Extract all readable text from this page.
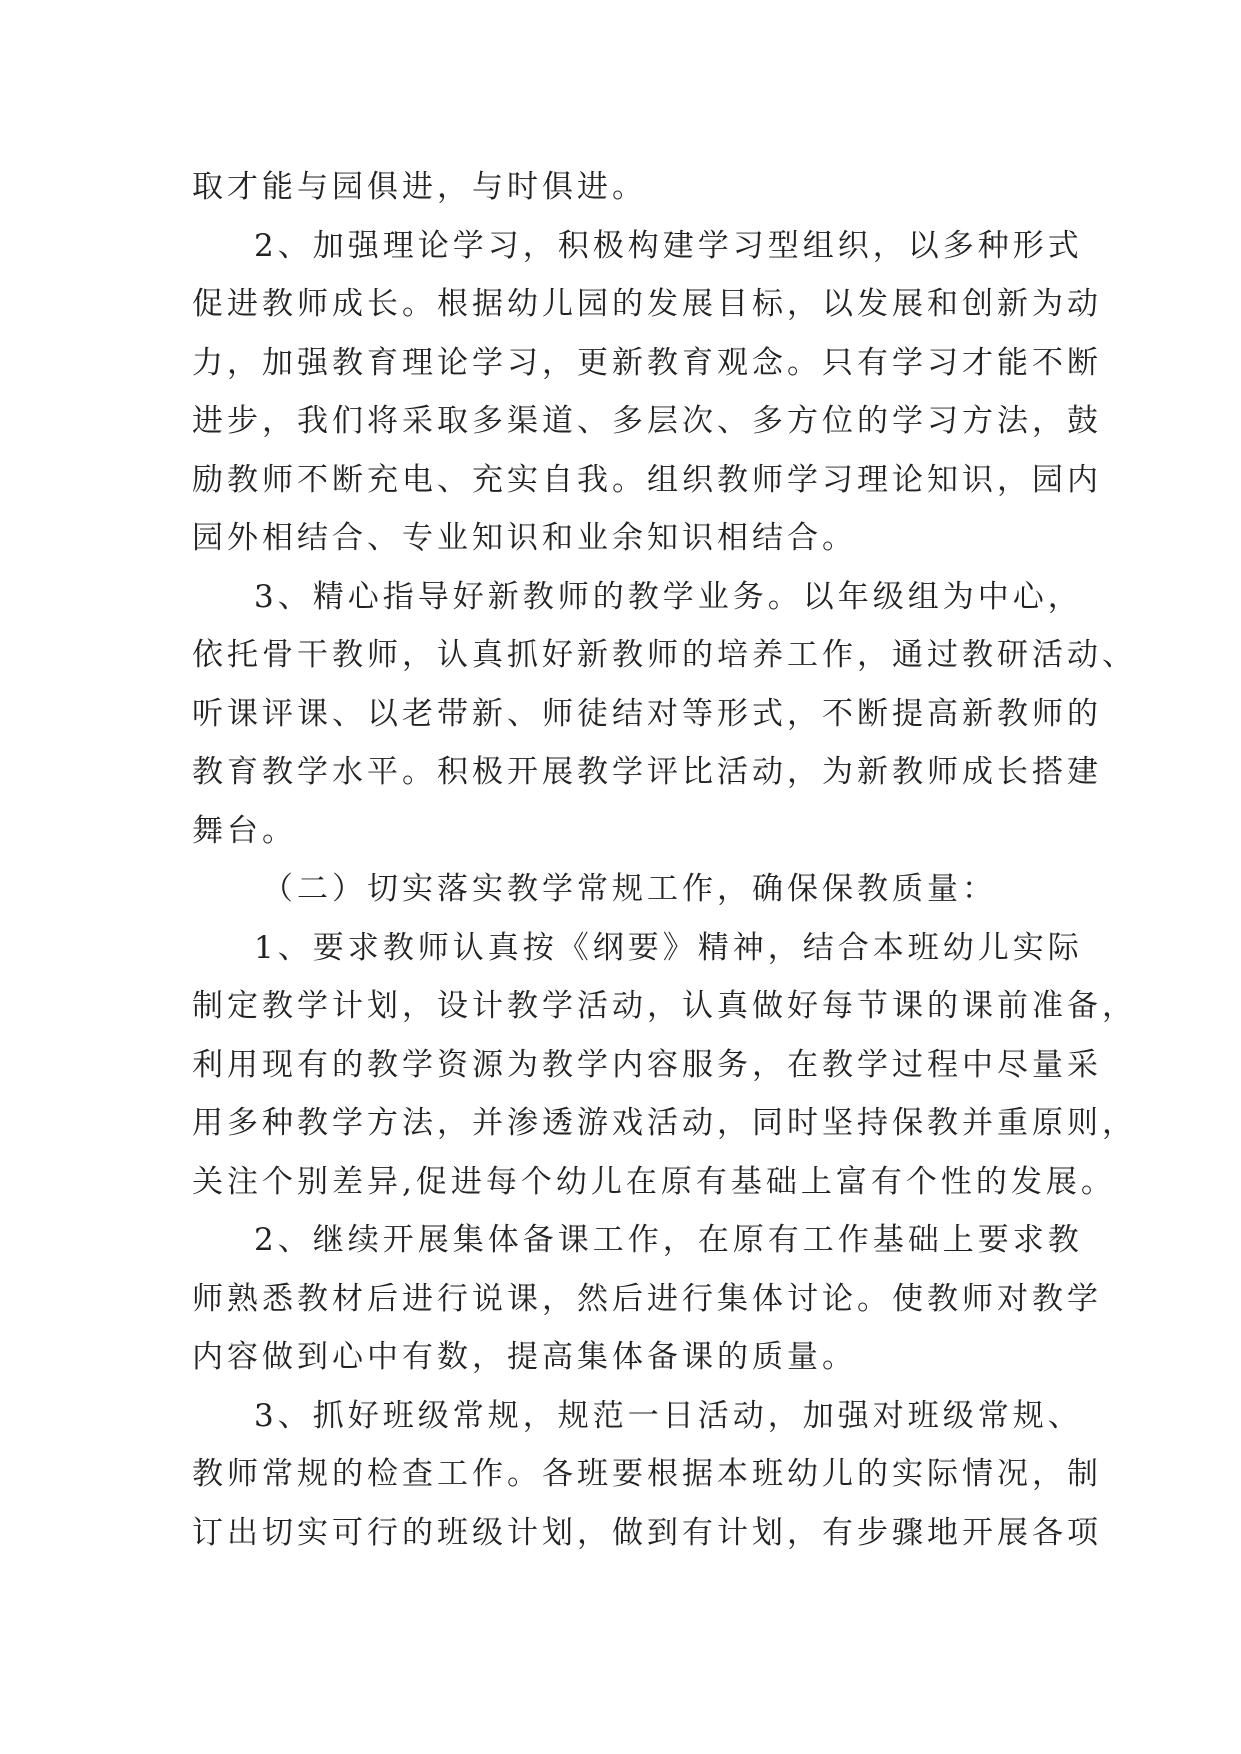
取才能与园俱进，与时俱进。
2、加强理论学习，积极构建学习型组织，以多种形式
促进教师成长。根据幼儿园的发展目标，以发展和创新为动
力，加强教育理论学习，更新教育观念。只有学习才能不断
进步，我们将采取多渠道、多层次、多方位的学习方法，鼓
励教师不断充电、充实自我。组织教师学习理论知识，园内
园外相结合、专业知识和业余知识相结合。
3、精心指导好新教师的教学业务。以年级组为中心，
依托骨干教师，认真抓好新教师的培养工作，通过教研活动、
听课评课、以老带新、师徒结对等形式，不断提高新教师的
教育教学水平。积极开展教学评比活动，为新教师成长搭建
舞台。
（二）切实落实教学常规工作，确保保教质量：
1、要求教师认真按《纲要》精神，结合本班幼儿实际
制定教学计划，设计教学活动，认真做好每节课的课前准备，
利用现有的教学资源为教学内容服务，在教学过程中尽量采
用多种教学方法，并渗透游戏活动，同时坚持保教并重原则，
关注个别差异,促进每个幼儿在原有基础上富有个性的发展。
2、继续开展集体备课工作，在原有工作基础上要求教
师熟悉教材后进行说课，然后进行集体讨论。使教师对教学
内容做到心中有数，提高集体备课的质量。
3、抓好班级常规，规范一日活动，加强对班级常规、
教师常规的检查工作。各班要根据本班幼儿的实际情况，制
订出切实可行的班级计划，做到有计划，有步骤地开展各项
